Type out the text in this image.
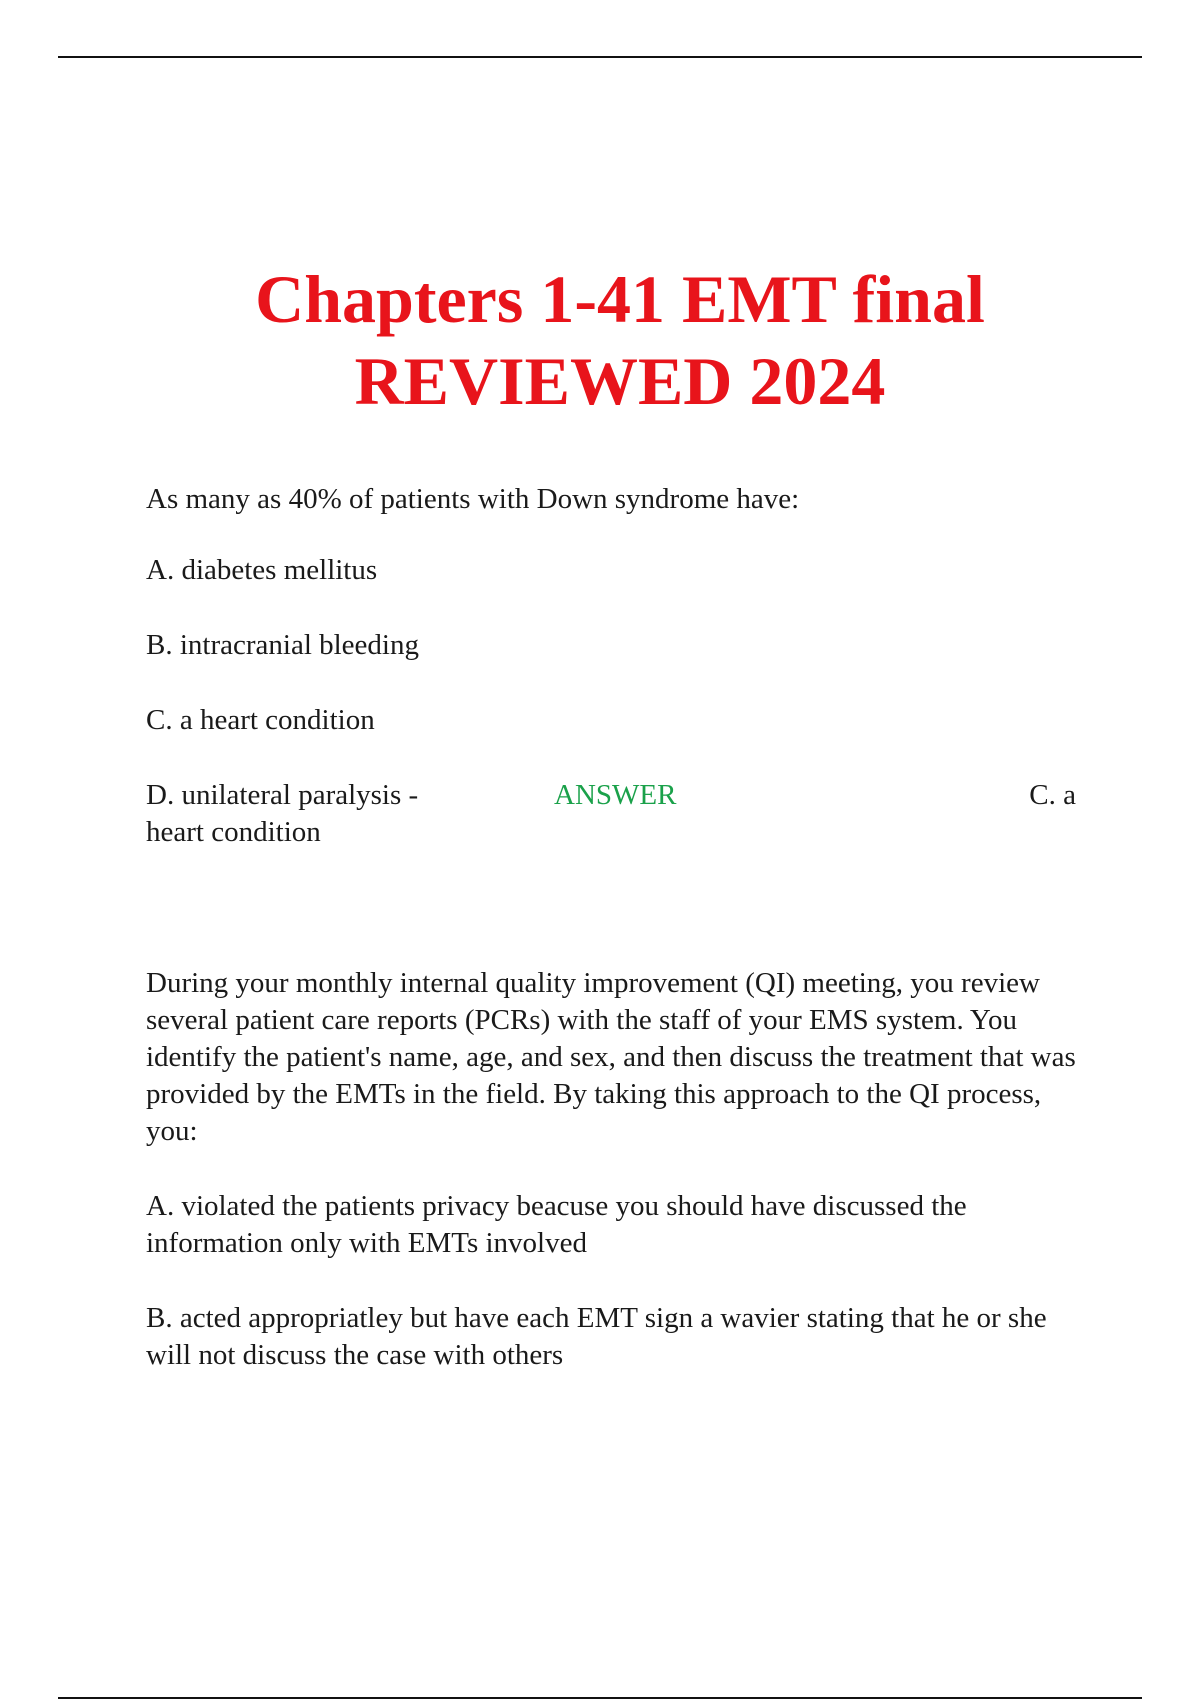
Chapters 1-41 EMT final
REVIEWED 2024

As many as 40% of patients with Down syndrome have:

A. diabetes mellitus

B. intracranial bleeding

C. a heart condition

D. unilateral paralysis -	ANSWER	C. a

heart condition

During your monthly internal quality improvement (QI) meeting, you review several patient care reports (PCRs) with the staff of your EMS system. You identify the patient's name, age, and sex, and then discuss the treatment that was provided by the EMTs in the field. By taking this approach to the QI process, you:

A. violated the patients privacy beacuse you should have discussed the information only with EMTs involved

B. acted appropriatley but have each EMT sign a wavier stating that he or she will not discuss the case with others
